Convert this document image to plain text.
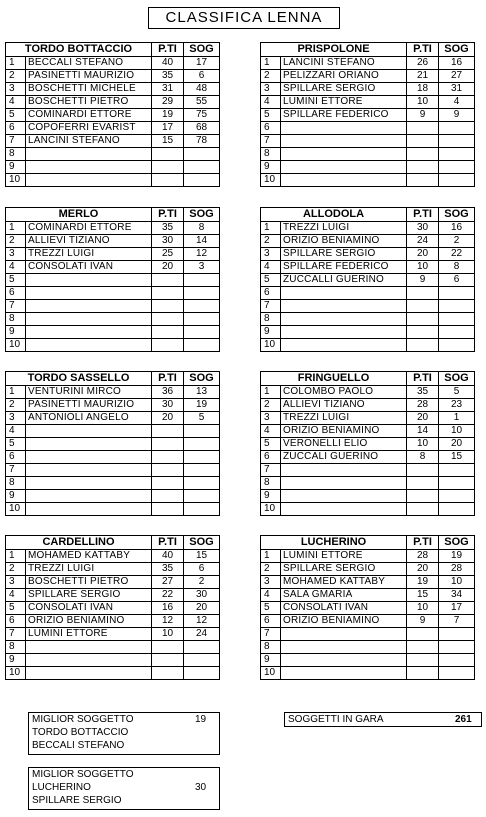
CLASSIFICA LENNA
TORDO BOTTACCIO		P.TI	SOG
1	BECCALI STEFANO	40	17
2	PASINETTI MAURIZIO	35	6
3	BOSCHETTI MICHELE	31	48
4	BOSCHETTI PIETRO	29	55
5	COMINARDI ETTORE	19	75
6	COPOFERRI EVARIST	17	68
7	LANCINI STEFANO	15	78
8			
9			
10			
PRISPOLONE		P.TI	SOG
1	LANCINI STEFANO	26	16
2	PELIZZARI ORIANO	21	27
3	SPILLARE SERGIO	18	31
4	LUMINI ETTORE	10	4
5	SPILLARE FEDERICO	9	9
6			
7			
8			
9			
10			
MERLO		P.TI	SOG
1	COMINARDI ETTORE	35	8
2	ALLIEVI TIZIANO	30	14
3	TREZZI LUIGI	25	12
4	CONSOLATI IVAN	20	3
5			
6			
7			
8			
9			
10			
ALLODOLA		P.TI	SOG
1	TREZZI LUIGI	30	16
2	ORIZIO BENIAMINO	24	2
3	SPILLARE SERGIO	20	22
4	SPILLARE FEDERICO	10	8
5	ZUCCALLI GUERINO	9	6
6			
7			
8			
9			
10			
TORDO SASSELLO		P.TI	SOG
1	VENTURINI MIRCO	36	13
2	PASINETTI MAURIZIO	30	19
3	ANTONIOLI ANGELO	20	5
4			
5			
6			
7			
8			
9			
10			
FRINGUELLO		P.TI	SOG
1	COLOMBO PAOLO	35	5
2	ALLIEVI TIZIANO	28	23
3	TREZZI LUIGI	20	1
4	ORIZIO BENIAMINO	14	10
5	VERONELLI ELIO	10	20
6	ZUCCALI GUERINO	8	15
7			
8			
9			
10			
CARDELLINO		P.TI	SOG
1	MOHAMED KATTABY	40	15
2	TREZZI LUIGI	35	6
3	BOSCHETTI PIETRO	27	2
4	SPILLARE SERGIO	22	30
5	CONSOLATI IVAN	16	20
6	ORIZIO BENIAMINO	12	12
7	LUMINI ETTORE	10	24
8			
9			
10			
LUCHERINO		P.TI	SOG
1	LUMINI ETTORE	28	19
2	SPILLARE SERGIO	20	28
3	MOHAMED KATTABY	19	10
4	SALA GMARIA	15	34
5	CONSOLATI IVAN	10	17
6	ORIZIO BENIAMINO	9	7
7			
8			
9			
10			
MIGLIOR SOGGETTO
TORDO BOTTACCIO
BECCALI STEFANO
19
MIGLIOR SOGGETTO
LUCHERINO
SPILLARE SERGIO
30
SOGGETTI IN GARA	261
